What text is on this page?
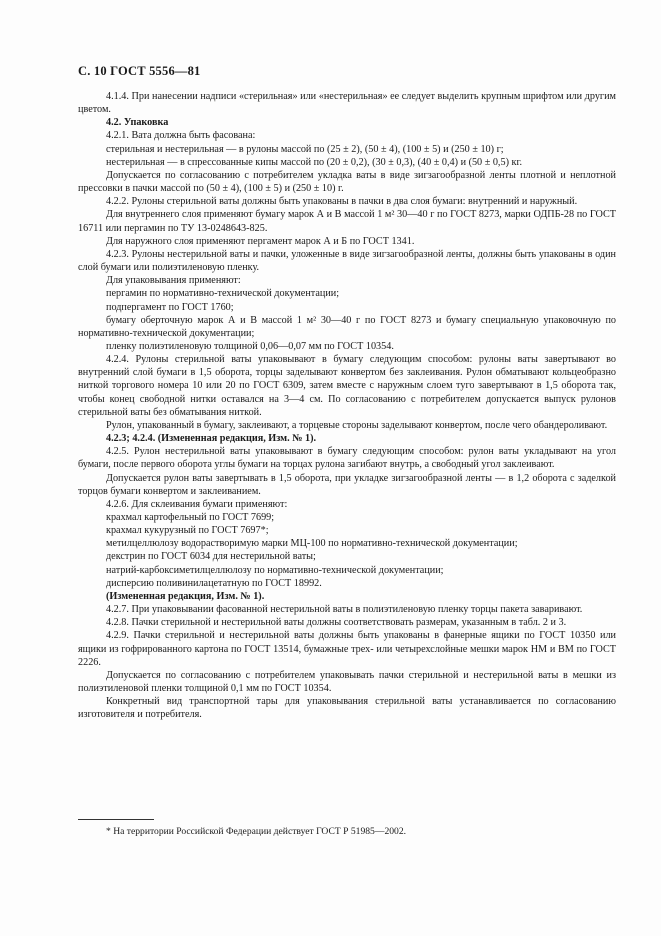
С. 10 ГОСТ 5556—81

4.1.4. При нанесении надписи «стерильная» или «нестерильная» ее следует выделить крупным шрифтом или другим цветом.

4.2. Упаковка

4.2.1. Вата должна быть фасована:

стерильная и нестерильная — в рулоны массой по (25 ± 2), (50 ± 4), (100 ± 5) и (250 ± 10) г;

нестерильная — в спрессованные кипы массой по (20 ± 0,2), (30 ± 0,3), (40 ± 0,4) и (50 ± 0,5) кг.

Допускается по согласованию с потребителем укладка ваты в виде зигзагообразной ленты плотной и неплотной прессовки в пачки массой по (50 ± 4), (100 ± 5) и (250 ± 10) г.

4.2.2. Рулоны стерильной ваты должны быть упакованы в пачки в два слоя бумаги: внутренний и наружный.

Для внутреннего слоя применяют бумагу марок А и В массой 1 м² 30—40 г по ГОСТ 8273, марки ОДПБ-28 по ГОСТ 16711 или пергамин по ТУ 13-0248643-825.

Для наружного слоя применяют пергамент марок А и Б по ГОСТ 1341.

4.2.3. Рулоны нестерильной ваты и пачки, уложенные в виде зигзагообразной ленты, должны быть упакованы в один слой бумаги или полиэтиленовую пленку.

Для упаковывания применяют:

пергамин по нормативно-технической документации;

подпергамент по ГОСТ 1760;

бумагу оберточную марок А и В массой 1 м² 30—40 г по ГОСТ 8273 и бумагу специальную упаковочную по нормативно-технической документации;

пленку полиэтиленовую толщиной 0,06—0,07 мм по ГОСТ 10354.

4.2.4. Рулоны стерильной ваты упаковывают в бумагу следующим способом: рулоны ваты завертывают во внутренний слой бумаги в 1,5 оборота, торцы заделывают конвертом без заклеивания. Рулон обматывают кольцеобразно ниткой торгового номера 10 или 20 по ГОСТ 6309, затем вместе с наружным слоем туго завертывают в 1,5 оборота так, чтобы конец свободной нитки оставался на 3—4 см. По согласованию с потребителем допускается выпуск рулонов стерильной ваты без обматывания ниткой.

Рулон, упакованный в бумагу, заклеивают, а торцевые стороны заделывают конвертом, после чего обандероливают.

4.2.3; 4.2.4. (Измененная редакция, Изм. № 1).

4.2.5. Рулон нестерильной ваты упаковывают в бумагу следующим способом: рулон ваты укладывают на угол бумаги, после первого оборота углы бумаги на торцах рулона загибают внутрь, а свободный угол заклеивают.

Допускается рулон ваты завертывать в 1,5 оборота, при укладке зигзагообразной ленты — в 1,2 оборота с заделкой торцов бумаги конвертом и заклеиванием.

4.2.6. Для склеивания бумаги применяют:

крахмал картофельный по ГОСТ 7699;

крахмал кукурузный по ГОСТ 7697*;

метилцеллюлозу водорастворимую марки МЦ-100 по нормативно-технической документации;

декстрин по ГОСТ 6034 для нестерильной ваты;

натрий-карбоксиметилцеллюлозу по нормативно-технической документации;

дисперсию поливинилацетатную по ГОСТ 18992.

(Измененная редакция, Изм. № 1).

4.2.7. При упаковывании фасованной нестерильной ваты в полиэтиленовую пленку торцы пакета заваривают.

4.2.8. Пачки стерильной и нестерильной ваты должны соответствовать размерам, указанным в табл. 2 и 3.

4.2.9. Пачки стерильной и нестерильной ваты должны быть упакованы в фанерные ящики по ГОСТ 10350 или ящики из гофрированного картона по ГОСТ 13514, бумажные трех- или четырехслойные мешки марок НМ и ВМ по ГОСТ 2226.

Допускается по согласованию с потребителем упаковывать пачки стерильной и нестерильной ваты в мешки из полиэтиленовой пленки толщиной 0,1 мм по ГОСТ 10354.

Конкретный вид транспортной тары для упаковывания стерильной ваты устанавливается по согласованию изготовителя и потребителя.

* На территории Российской Федерации действует ГОСТ Р 51985—2002.
